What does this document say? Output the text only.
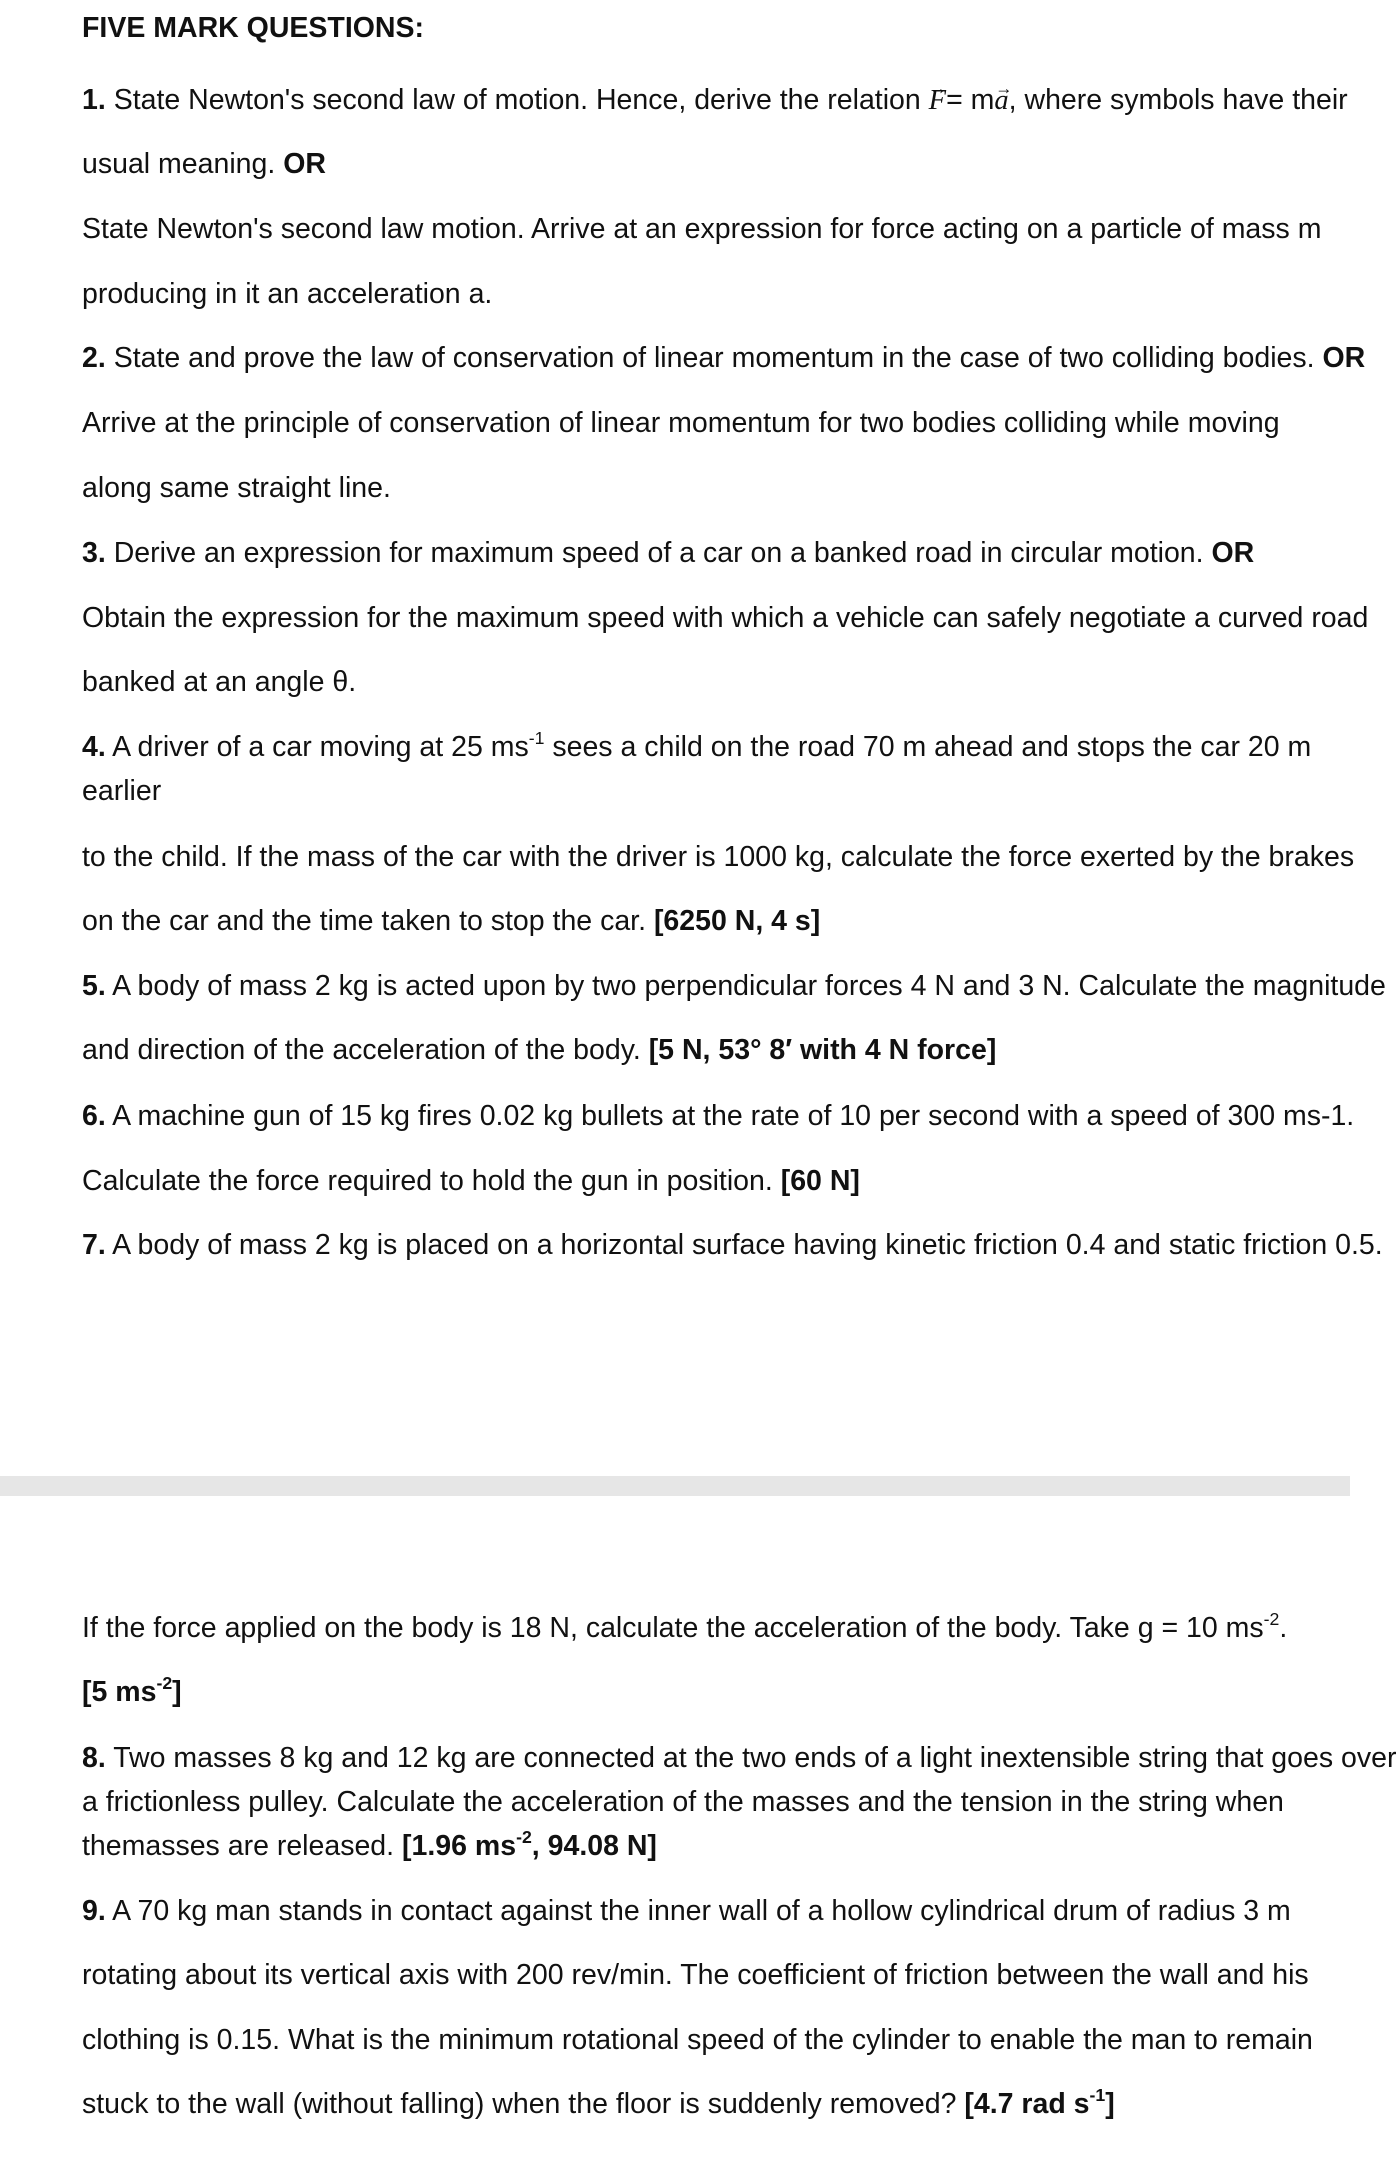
FIVE MARK QUESTIONS:
1. State Newton's second law of motion. Hence, derive the relation F →= ma →, where symbols have their
usual meaning. OR
State Newton's second law motion. Arrive at an expression for force acting on a particle of mass m
producing in it an acceleration a.
2. State and prove the law of conservation of linear momentum in the case of two colliding bodies. OR
Arrive at the principle of conservation of linear momentum for two bodies colliding while moving
along same straight line.
3. Derive an expression for maximum speed of a car on a banked road in circular motion. OR
Obtain the expression for the maximum speed with which a vehicle can safely negotiate a curved road
banked at an angle θ.
4. A driver of a car moving at 25 $ms^{-1}$ sees a child on the road 70 m ahead and stops the car 20 m
earlier
to the child. If the mass of the car with the driver is 1000 kg, calculate the force exerted by the brakes
on the car and the time taken to stop the car. [6250 N, 4 s]
5. A body of mass 2 kg is acted upon by two perpendicular forces 4 N and 3 N. Calculate the magnitude
and direction of the acceleration of the body. [5 N, 53° 8′ with 4 N force]
6. A machine gun of 15 kg fires 0.02 kg bullets at the rate of 10 per second with a speed of 300 ms-1.
Calculate the force required to hold the gun in position. [60 N]
7. A body of mass 2 kg is placed on a horizontal surface having kinetic friction 0.4 and static friction 0.5.
If the force applied on the body is 18 N, calculate the acceleration of the body. Take g = 10 $ms^{-2}$.
[5 $ms^{-2}$]
8. Two masses 8 kg and 12 kg are connected at the two ends of a light inextensible string that goes over
a frictionless pulley. Calculate the acceleration of the masses and the tension in the string when
themasses are released. [1.96 $ms^{-2}$, 94.08 N]
9. A 70 kg man stands in contact against the inner wall of a hollow cylindrical drum of radius 3 m
rotating about its vertical axis with 200 rev/min. The coefficient of friction between the wall and his
clothing is 0.15. What is the minimum rotational speed of the cylinder to enable the man to remain
stuck to the wall (without falling) when the floor is suddenly removed? [4.7 rad $s^{-1}$]
